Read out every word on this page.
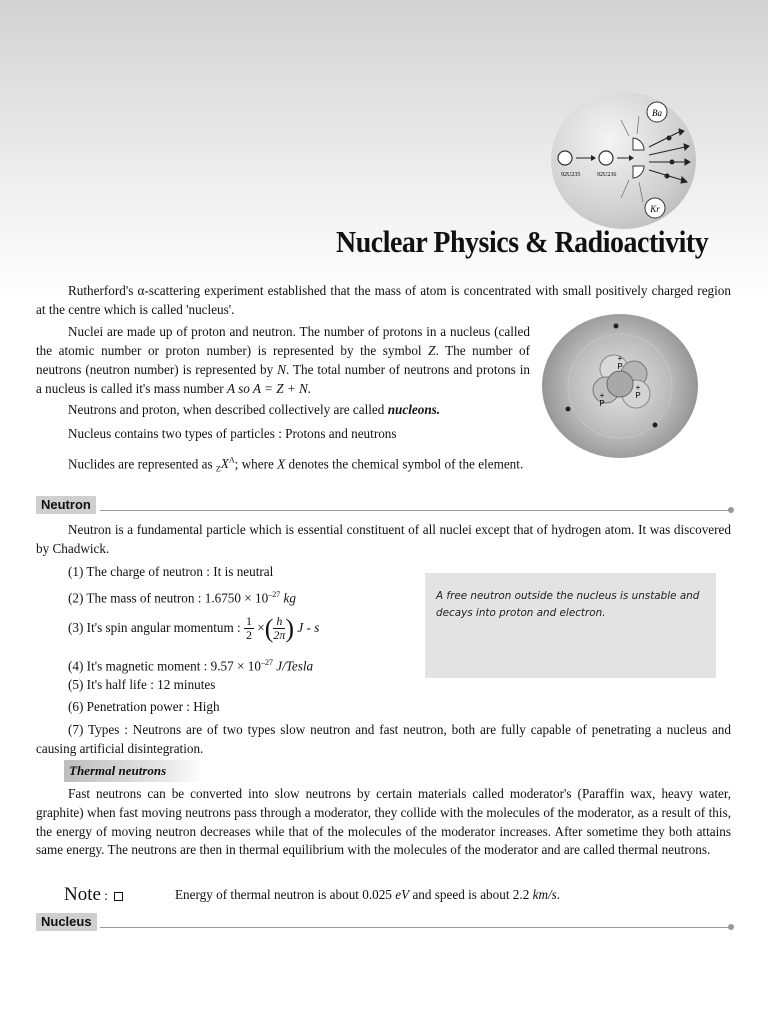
Ba
Kr
92U235	92U236
Nuclear Physics & Radioactivity
Rutherford's α-scattering experiment established that the mass of atom is concentrated with small positively charged region at the centre which is called 'nucleus'.
Nuclei are made up of proton and neutron. The number of protons in a nucleus (called the atomic number or proton number) is represented by the symbol Z. The number of neutrons (neutron number) is represented by N. The total number of neutrons and protons in a nucleus is called it's mass number A so A = Z + N.
Neutrons and proton, when described collectively are called nucleons.
Nucleus contains two types of particles : Protons and neutrons
Nuclides are represented as $_ZX^A$; where X denotes the chemical symbol of the element.
+
P
+
P
+
P
Neutron
Neutron is a fundamental particle which is essential constituent of all nuclei except that of hydrogen atom. It was discovered by Chadwick.
(1) The charge of neutron : It is neutral
(2) The mass of neutron : $1.6750 \times 10^{-27}$ kg
(3) It's spin angular momentum : $\frac{1}{2}$ ×( $\frac{h}{2\pi}$ ) J - s
(4) It's magnetic moment : $9.57 \times 10^{-27}$ J/Tesla
(5) It's half life : 12 minutes
(6) Penetration power : High
(7) Types : Neutrons are of two types slow neutron and fast neutron, both are fully capable of penetrating a nucleus and causing artificial disintegration.

A free neutron outside the nucleus is unstable and decays into proton and electron.

Thermal neutrons
Fast neutrons can be converted into slow neutrons by certain materials called moderator's (Paraffin wax, heavy water, graphite) when fast moving neutrons pass through a moderator, they collide with the molecules of the moderator, as a result of this, the energy of moving neutron decreases while that of the molecules of the moderator increases. After sometime they both attains same energy. The neutrons are then in thermal equilibrium with the molecules of the moderator and are called thermal neutrons.
Note :	Energy of thermal neutron is about 0.025 eV and speed is about 2.2 km/s.
Nucleus
